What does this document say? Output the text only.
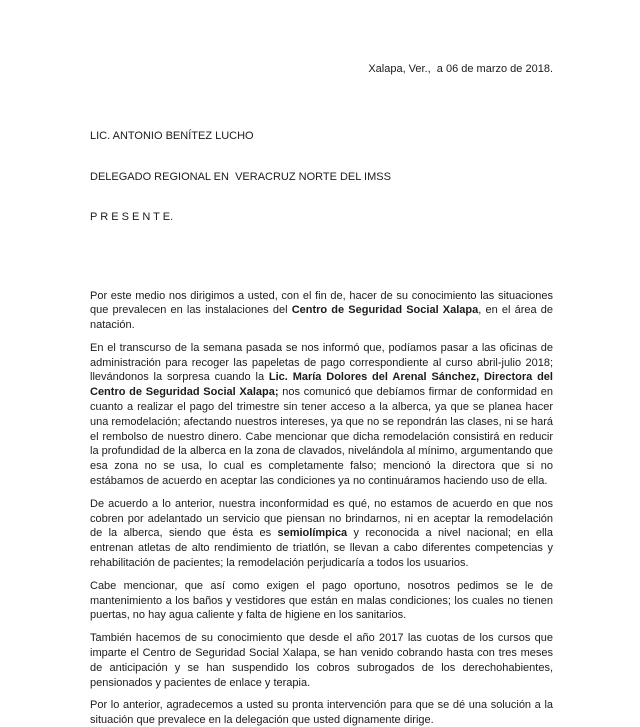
Xalapa, Ver.,  a 06 de marzo de 2018.

LIC. ANTONIO BENÍTEZ LUCHO

DELEGADO REGIONAL EN  VERACRUZ NORTE DEL IMSS

P R E S E N T E.

Por este medio nos dirigimos a usted, con el fin de, hacer de su conocimiento las situaciones que prevalecen en las instalaciones del Centro de Seguridad Social Xalapa, en el área de natación.

En el transcurso de la semana pasada se nos informó que, podíamos pasar a las oficinas de administración para recoger las papeletas de pago correspondiente al curso abril-julio 2018; llevándonos la sorpresa cuando la Lic. María Dolores del Arenal Sánchez, Directora del Centro de Seguridad Social Xalapa; nos comunicó que debíamos firmar de conformidad en cuanto a realizar el pago del trimestre sin tener acceso a la alberca, ya que se planea hacer una remodelación; afectando nuestros intereses, ya que no se repondrán las clases, ni se hará el rembolso de nuestro dinero. Cabe mencionar que dicha remodelación consistirá en reducir la profundidad de la alberca en la zona de clavados, nivelándola al mínimo, argumentando que esa zona no se usa, lo cual es completamente falso; mencionó la directora que si no estábamos de acuerdo en aceptar las condiciones ya no continuáramos haciendo uso de ella.

De acuerdo a lo anterior, nuestra inconformidad es qué, no estamos de acuerdo en que nos cobren por adelantado un servicio que piensan no brindarnos, ni en aceptar la remodelación de la alberca, siendo que ésta es semiolímpica y reconocida a nivel nacional; en ella entrenan atletas de alto rendimiento de triatlón, se llevan a cabo diferentes competencias y rehabilitación de pacientes; la remodelación perjudicaría a todos los usuarios.

Cabe mencionar, que así como exigen el pago oportuno, nosotros pedimos se le de mantenimiento a los baños y vestidores que están en malas condiciones; los cuales no tienen puertas, no hay agua caliente y falta de higiene en los sanitarios.

También hacemos de su conocimiento que desde el año 2017 las cuotas de los cursos que imparte el Centro de Seguridad Social Xalapa, se han venido cobrando hasta con tres meses de anticipación y se han suspendido los cobros subrogados de los derechohabientes, pensionados y pacientes de enlace y terapia.

Por lo anterior, agradecemos a usted su pronta intervención para que se dé una solución a la situación que prevalece en la delegación que usted dignamente dirige.
